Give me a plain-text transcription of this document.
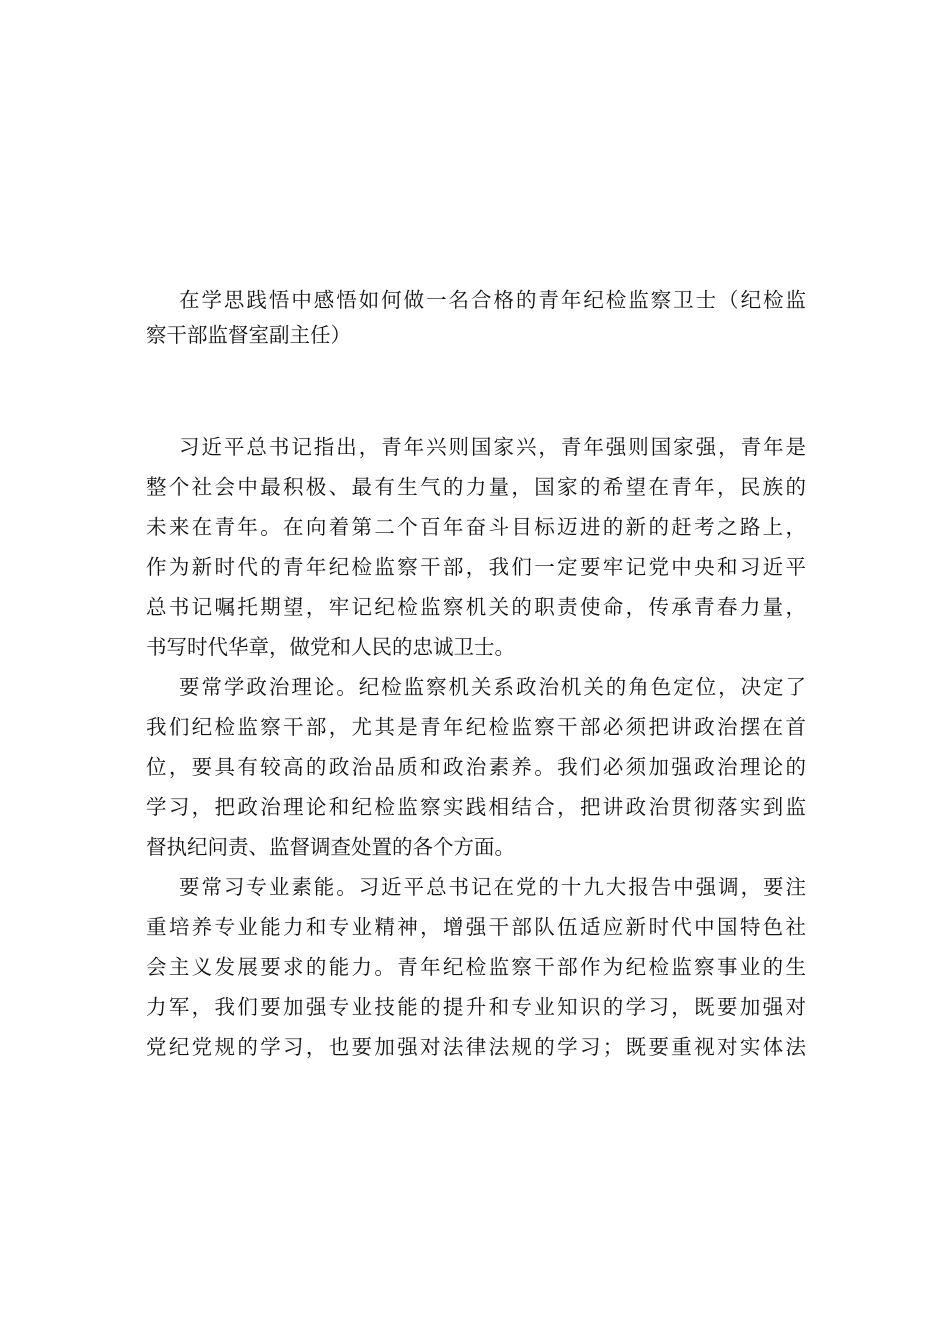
在学思践悟中感悟如何做一名合格的青年纪检监察卫士（纪检监
察干部监督室副主任）
习近平总书记指出，青年兴则国家兴，青年强则国家强，青年是
整个社会中最积极、最有生气的力量，国家的希望在青年，民族的
未来在青年。在向着第二个百年奋斗目标迈进的新的赶考之路上，
作为新时代的青年纪检监察干部，我们一定要牢记党中央和习近平
总书记嘱托期望，牢记纪检监察机关的职责使命，传承青春力量，
书写时代华章，做党和人民的忠诚卫士。
要常学政治理论。纪检监察机关系政治机关的角色定位，决定了
我们纪检监察干部，尤其是青年纪检监察干部必须把讲政治摆在首
位，要具有较高的政治品质和政治素养。我们必须加强政治理论的
学习，把政治理论和纪检监察实践相结合，把讲政治贯彻落实到监
督执纪问责、监督调查处置的各个方面。
要常习专业素能。习近平总书记在党的十九大报告中强调，要注
重培养专业能力和专业精神，增强干部队伍适应新时代中国特色社
会主义发展要求的能力。青年纪检监察干部作为纪检监察事业的生
力军，我们要加强专业技能的提升和专业知识的学习，既要加强对
党纪党规的学习，也要加强对法律法规的学习；既要重视对实体法
